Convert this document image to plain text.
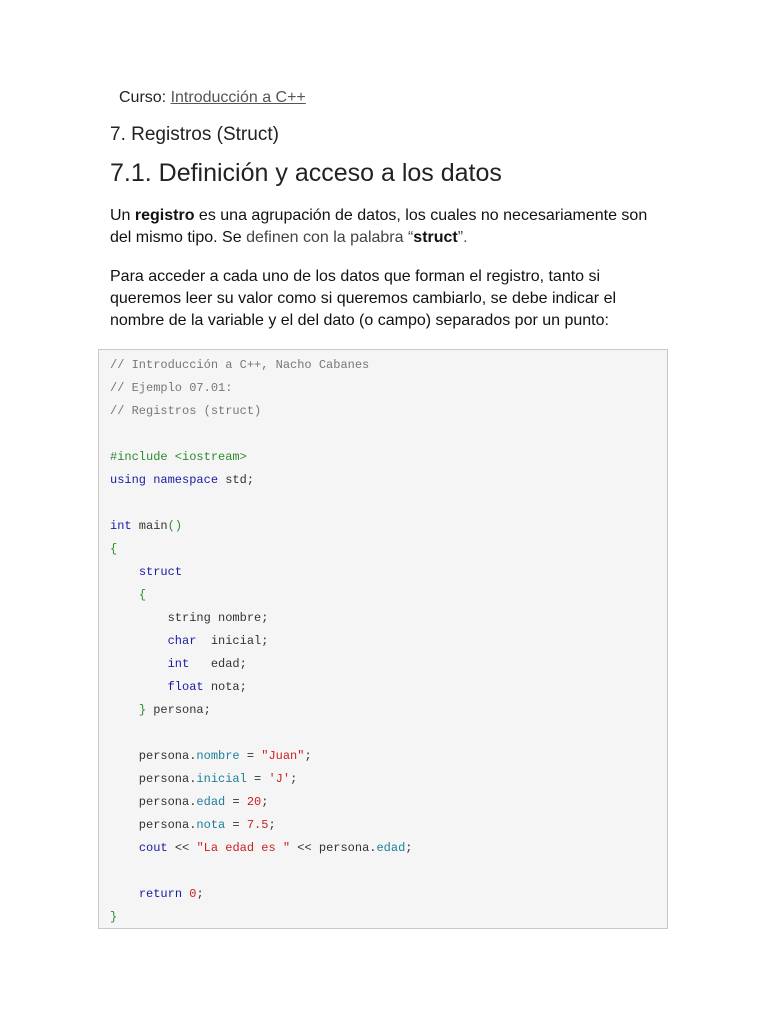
Curso: Introducción a C++
7. Registros (Struct)
7.1. Definición y acceso a los datos
Un registro es una agrupación de datos, los cuales no necesariamente son del mismo tipo. Se definen con la palabra “struct”.
Para acceder a cada uno de los datos que forman el registro, tanto si queremos leer su valor como si queremos cambiarlo, se debe indicar el nombre de la variable y el del dato (o campo) separados por un punto:
// Introducción a C++, Nacho Cabanes
// Ejemplo 07.01:
// Registros (struct)

#include <iostream>
using namespace std;

int main()
{
struct
{
string nombre;
char  inicial;
int   edad;
float nota;
} persona;

persona.nombre = "Juan";
persona.inicial = 'J';
persona.edad = 20;
persona.nota = 7.5;
cout << "La edad es " << persona.edad;

return 0;
}
